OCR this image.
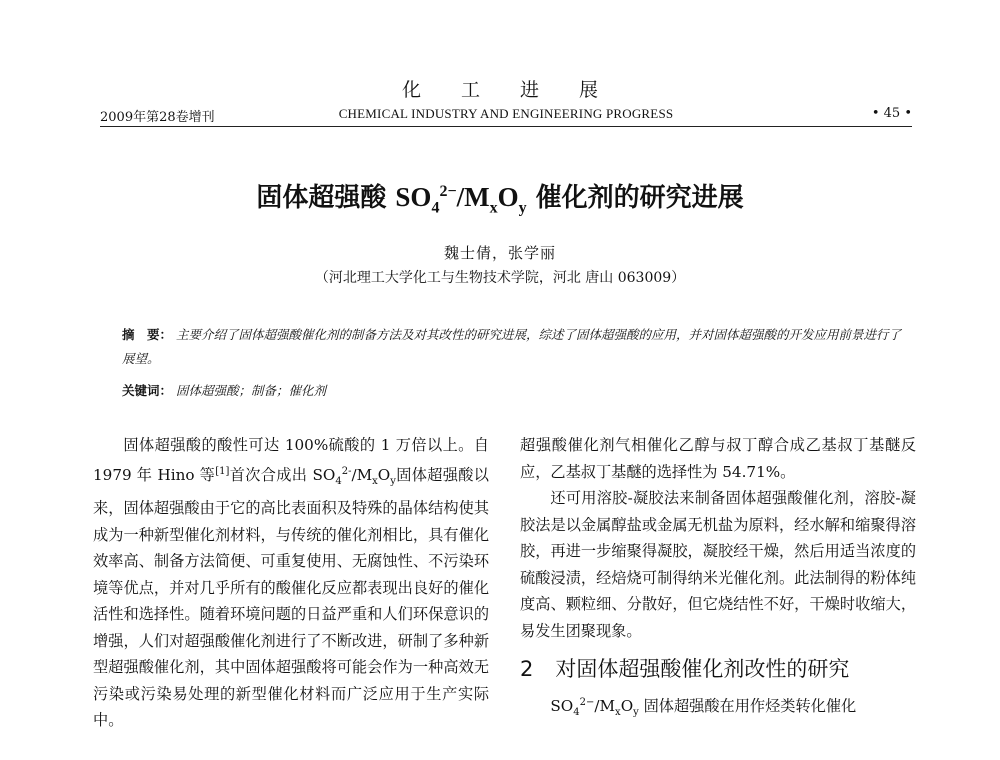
化工进展
2009年第28卷增刊	CHEMICAL INDUSTRY AND ENGINEERING PROGRESS	• 45 •
固体超强酸 $SO_4^{2-}/M_xO_y$ 催化剂的研究进展
魏士倩，张学丽
（河北理工大学化工与生物技术学院，河北 唐山 063009）
摘　要： 主要介绍了固体超强酸催化剂的制备方法及对其改性的研究进展，综述了固体超强酸的应用，并对固体超强酸的开发应用前景进行了展望。
关键词： 固体超强酸；制备；催化剂

固体超强酸的酸性可达 100%硫酸的 1 万倍以上。自 1979 年 Hino 等[1]首次合成出 $SO_4^{2-}/M_xO_y$固体超强酸以来，固体超强酸由于它的高比表面积及特殊的晶体结构使其成为一种新型催化剂材料，与传统的催化剂相比，具有催化效率高、制备方法简便、可重复使用、无腐蚀性、不污染环境等优点，并对几乎所有的酸催化反应都表现出良好的催化活性和选择性。随着环境问题的日益严重和人们环保意识的增强，人们对超强酸催化剂进行了不断改进，研制了多种新型超强酸催化剂，其中固体超强酸将可能会作为一种高效无污染或污染易处理的新型催化材料而广泛应用于生产实际中。

超强酸催化剂气相催化乙醇与叔丁醇合成乙基叔丁基醚反应，乙基叔丁基醚的选择性为 54.71%。

还可用溶胶-凝胶法来制备固体超强酸催化剂，溶胶-凝胶法是以金属醇盐或金属无机盐为原料，经水解和缩聚得溶胶，再进一步缩聚得凝胶，凝胶经干燥，然后用适当浓度的硫酸浸渍，经焙烧可制得纳米光催化剂。此法制得的粉体纯度高、颗粒细、分散好，但它烧结性不好，干燥时收缩大，易发生团聚现象。

2 对固体超强酸催化剂改性的研究

$SO_4^{2-}/M_xO_y$ 固体超强酸在用作烃类转化催化
